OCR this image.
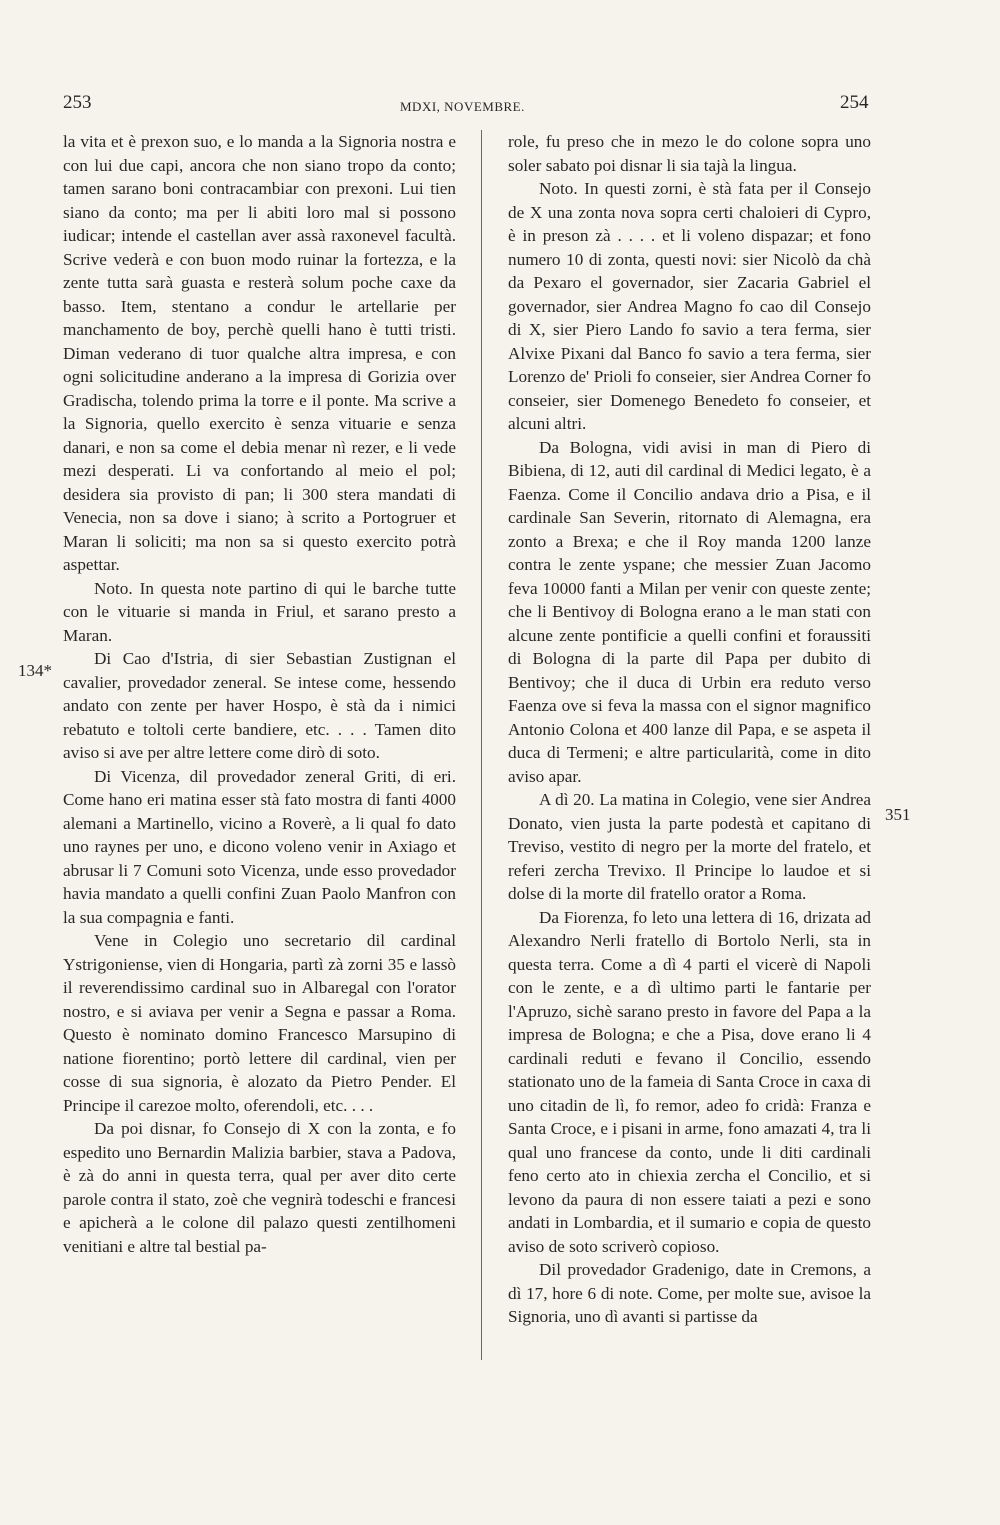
253	MDXI, NOVEMBRE.	254
134*
351

la vita et è prexon suo, e lo manda a la Signoria nostra e con lui due capi, ancora che non siano tropo da conto; tamen sarano boni contracambiar con prexoni. Lui tien siano da conto; ma per li abiti loro mal si possono iudicar; intende el castellan aver assà raxonevel facultà. Scrive vederà e con buon modo ruinar la fortezza, e la zente tutta sarà guasta e resterà solum poche caxe da basso. Item, stentano a condur le artellarie per manchamento de boy, perchè quelli hano è tutti tristi. Diman vederano di tuor qualche altra impresa, e con ogni solicitudine anderano a la impresa di Gorizia over Gradischa, tolendo prima la torre e il ponte. Ma scrive a la Signoria, quello exercito è senza vituarie e senza danari, e non sa come el debia menar nì rezer, e li vede mezi desperati. Li va confortando al meio el pol; desidera sia provisto di pan; li 300 stera mandati di Venecia, non sa dove i siano; à scrito a Portogruer et Maran li soliciti; ma non sa si questo exercito potrà aspettar.

Noto. In questa note partino di qui le barche tutte con le vituarie si manda in Friul, et sarano presto a Maran.

Di Cao d'Istria, di sier Sebastian Zustignan el cavalier, provedador zeneral. Se intese come, hessendo andato con zente per haver Hospo, è stà da i nimici rebatuto e toltoli certe bandiere, etc. . . . Tamen dito aviso si ave per altre lettere come dirò di soto.

Di Vicenza, dil provedador zeneral Griti, di eri. Come hano eri matina esser stà fato mostra di fanti 4000 alemani a Martinello, vicino a Roverè, a li qual fo dato uno raynes per uno, e dicono voleno venir in Axiago et abrusar li 7 Comuni soto Vicenza, unde esso provedador havia mandato a quelli confini Zuan Paolo Manfron con la sua compagnia e fanti.

Vene in Colegio uno secretario dil cardinal Ystrigoniense, vien di Hongaria, partì zà zorni 35 e lassò il reverendissimo cardinal suo in Albaregal con l'orator nostro, e si aviava per venir a Segna e passar a Roma. Questo è nominato domino Francesco Marsupino di natione fiorentino; portò lettere dil cardinal, vien per cosse di sua signoria, è alozato da Pietro Pender. El Principe il carezoe molto, oferendoli, etc. . . .

Da poi disnar, fo Consejo di X con la zonta, e fo espedito uno Bernardin Malizia barbier, stava a Padova, è zà do anni in questa terra, qual per aver dito certe parole contra il stato, zoè che vegnirà todeschi e francesi e apicherà a le colone dil palazo questi zentilhomeni venitiani e altre tal bestial pa-

role, fu preso che in mezo le do colone sopra uno soler sabato poi disnar li sia tajà la lingua.

Noto. In questi zorni, è stà fata per il Consejo de X una zonta nova sopra certi chaloieri di Cypro, è in preson zà . . . . et li voleno dispazar; et fono numero 10 di zonta, questi novi: sier Nicolò da chà da Pexaro el governador, sier Zacaria Gabriel el governador, sier Andrea Magno fo cao dil Consejo di X, sier Piero Lando fo savio a tera ferma, sier Alvixe Pixani dal Banco fo savio a tera ferma, sier Lorenzo de' Prioli fo conseier, sier Andrea Corner fo conseier, sier Domenego Benedeto fo conseier, et alcuni altri.

Da Bologna, vidi avisi in man di Piero di Bibiena, di 12, auti dil cardinal di Medici legato, è a Faenza. Come il Concilio andava drio a Pisa, e il cardinale San Severin, ritornato di Alemagna, era zonto a Brexa; e che il Roy manda 1200 lanze contra le zente yspane; che messier Zuan Jacomo feva 10000 fanti a Milan per venir con queste zente; che li Bentivoy di Bologna erano a le man stati con alcune zente pontificie a quelli confini et foraussiti di Bologna di la parte dil Papa per dubito di Bentivoy; che il duca di Urbin era reduto verso Faenza ove si feva la massa con el signor magnifico Antonio Colona et 400 lanze dil Papa, e se aspeta il duca di Termeni; e altre particularità, come in dito aviso apar.

A dì 20. La matina in Colegio, vene sier Andrea Donato, vien justa la parte podestà et capitano di Treviso, vestito di negro per la morte del fratelo, et referi zercha Trevixo. Il Principe lo laudoe et si dolse di la morte dil fratello orator a Roma.

Da Fiorenza, fo leto una lettera di 16, drizata ad Alexandro Nerli fratello di Bortolo Nerli, sta in questa terra. Come a dì 4 parti el vicerè di Napoli con le zente, e a dì ultimo parti le fantarie per l'Apruzo, sichè sarano presto in favore del Papa a la impresa de Bologna; e che a Pisa, dove erano li 4 cardinali reduti e fevano il Concilio, essendo stationato uno de la fameia di Santa Croce in caxa di uno citadin de lì, fo remor, adeo fo cridà: Franza e Santa Croce, e i pisani in arme, fono amazati 4, tra li qual uno francese da conto, unde li diti cardinali feno certo ato in chiexia zercha el Concilio, et si levono da paura di non essere taiati a pezi e sono andati in Lombardia, et il sumario e copia de questo aviso de soto scriverò copioso.

Dil provedador Gradenigo, date in Cremons, a dì 17, hore 6 di note. Come, per molte sue, avisoe la Signoria, uno dì avanti si partisse da
